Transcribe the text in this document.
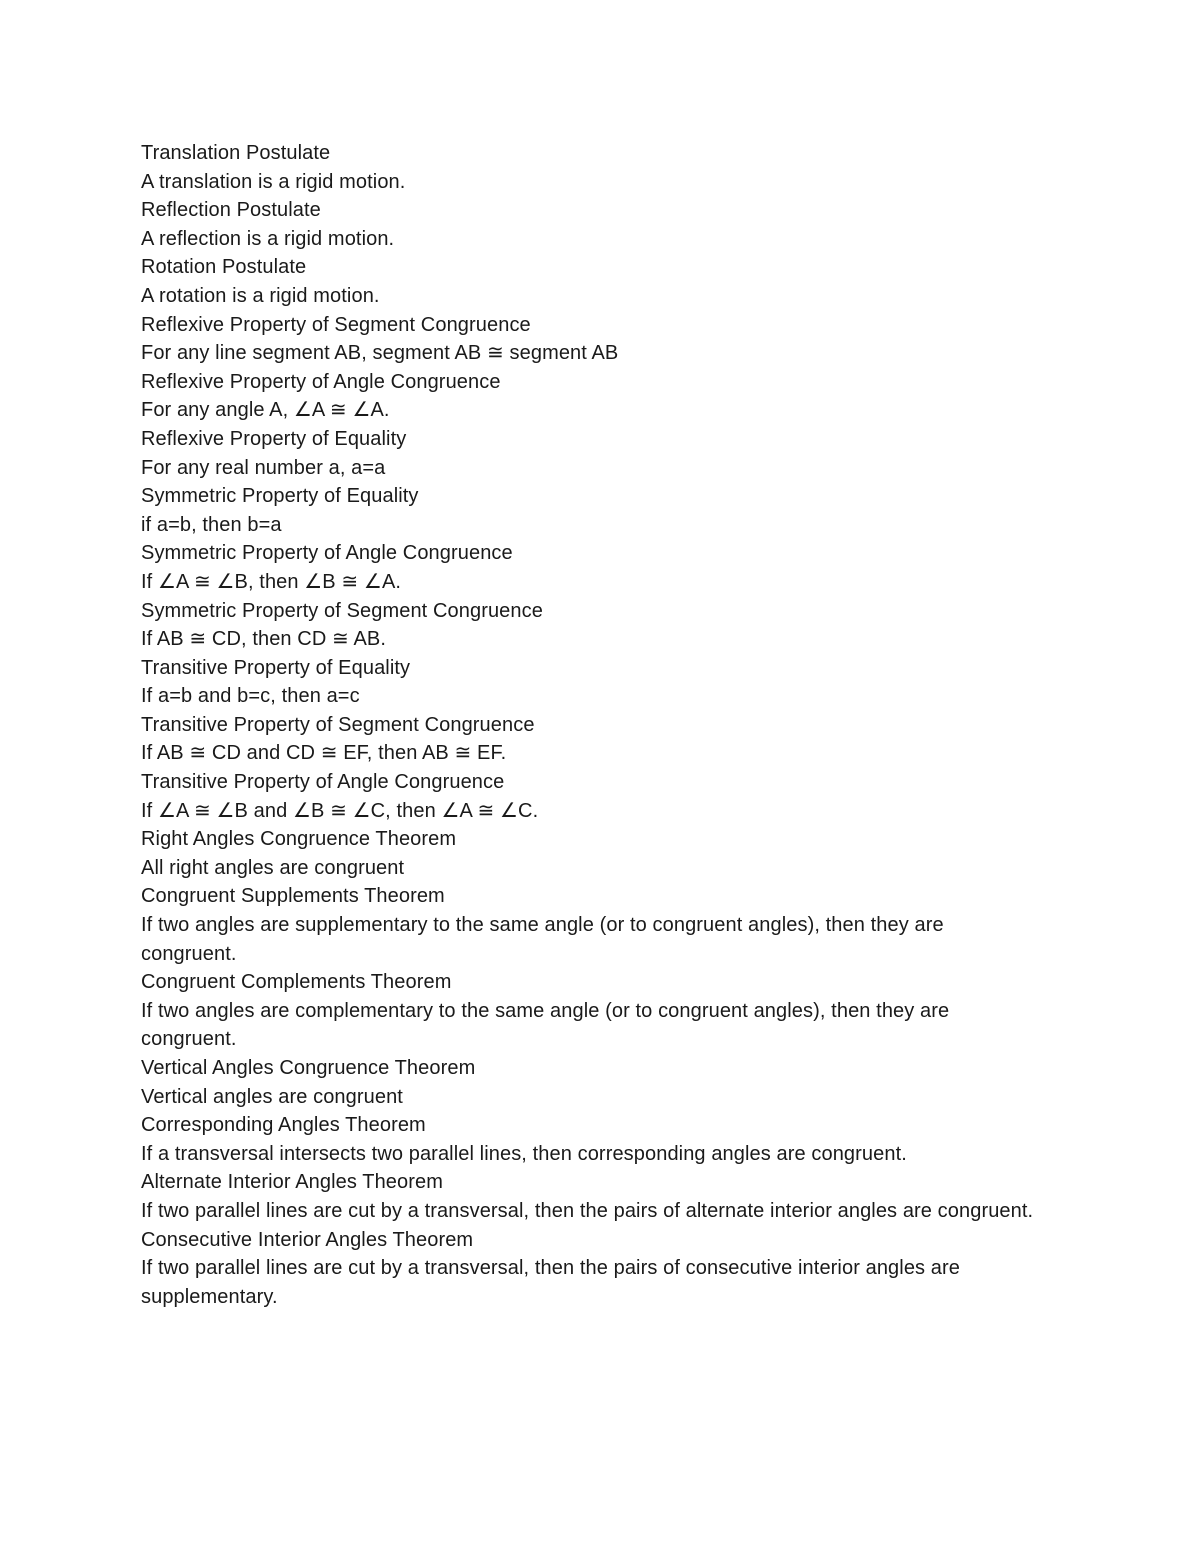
Translation Postulate

A translation is a rigid motion.

Reflection Postulate

A reflection is a rigid motion.

Rotation Postulate

A rotation is a rigid motion.

Reflexive Property of Segment Congruence

For any line segment AB, segment AB ≅ segment AB

Reflexive Property of Angle Congruence

For any angle A, ∠A ≅ ∠A.

Reflexive Property of Equality

For any real number a, a=a

Symmetric Property of Equality

if a=b, then b=a

Symmetric Property of Angle Congruence

If ∠A ≅ ∠B, then ∠B ≅ ∠A.

Symmetric Property of Segment Congruence

If AB ≅ CD, then CD ≅ AB.

Transitive Property of Equality

If a=b and b=c, then a=c

Transitive Property of Segment Congruence

If AB ≅ CD and CD ≅ EF, then AB ≅ EF.

Transitive Property of Angle Congruence

If ∠A ≅ ∠B and ∠B ≅ ∠C, then ∠A ≅ ∠C.

Right Angles Congruence Theorem

All right angles are congruent

Congruent Supplements Theorem

If two angles are supplementary to the same angle (or to congruent angles), then they are congruent.

Congruent Complements Theorem

If two angles are complementary to the same angle (or to congruent angles), then they are congruent.

Vertical Angles Congruence Theorem

Vertical angles are congruent

Corresponding Angles Theorem

If a transversal intersects two parallel lines, then corresponding angles are congruent.

Alternate Interior Angles Theorem

If two parallel lines are cut by a transversal, then the pairs of alternate interior angles are congruent.

Consecutive Interior Angles Theorem

If two parallel lines are cut by a transversal, then the pairs of consecutive interior angles are supplementary.
